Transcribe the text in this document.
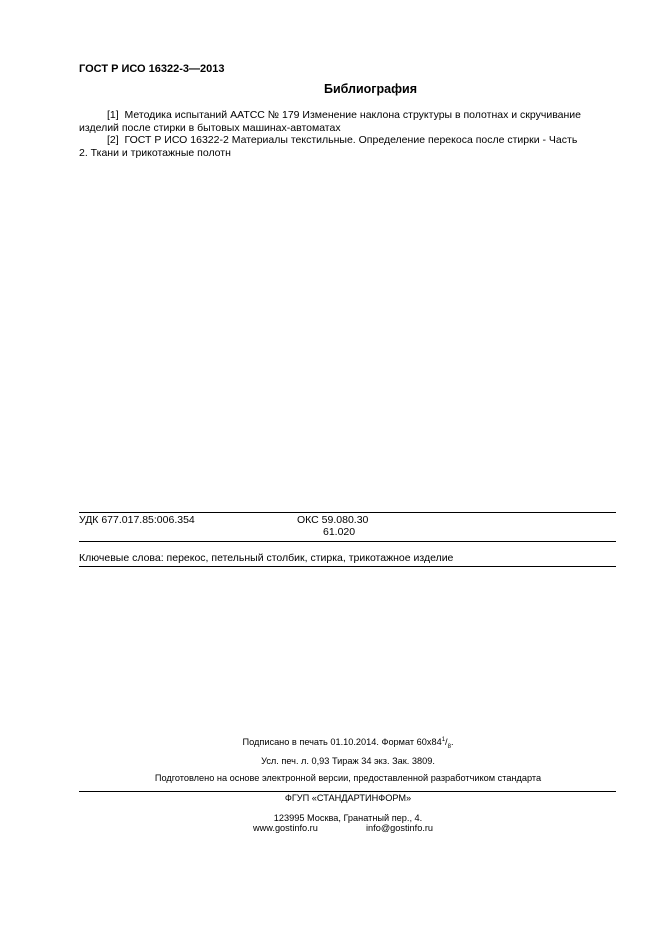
ГОСТ Р ИСО 16322-3—2013
Библиография
[1] Методика испытаний AATCC № 179 Изменение наклона структуры в полотнах и скручивание
изделий после стирки в бытовых машинах-автоматах
[2] ГОСТ Р ИСО 16322-2 Материалы текстильные. Определение перекоса после стирки - Часть
2. Ткани и трикотажные полотн
УДК 677.017.85:006.354	ОКС 59.080.30
61.020
Ключевые слова: перекос, петельный столбик, стирка, трикотажное изделие
Подписано в печать 01.10.2014. Формат $60x84^1/_8$.
Усл. печ. л. 0,93 Тираж 34 экз. Зак. 3809.
Подготовлено на основе электронной версии, предоставленной разработчиком стандарта
ФГУП «СТАНДАРТИНФОРМ»
123995 Москва, Гранатный пер., 4.
www.gostinfo.ru	info@gostinfo.ru
